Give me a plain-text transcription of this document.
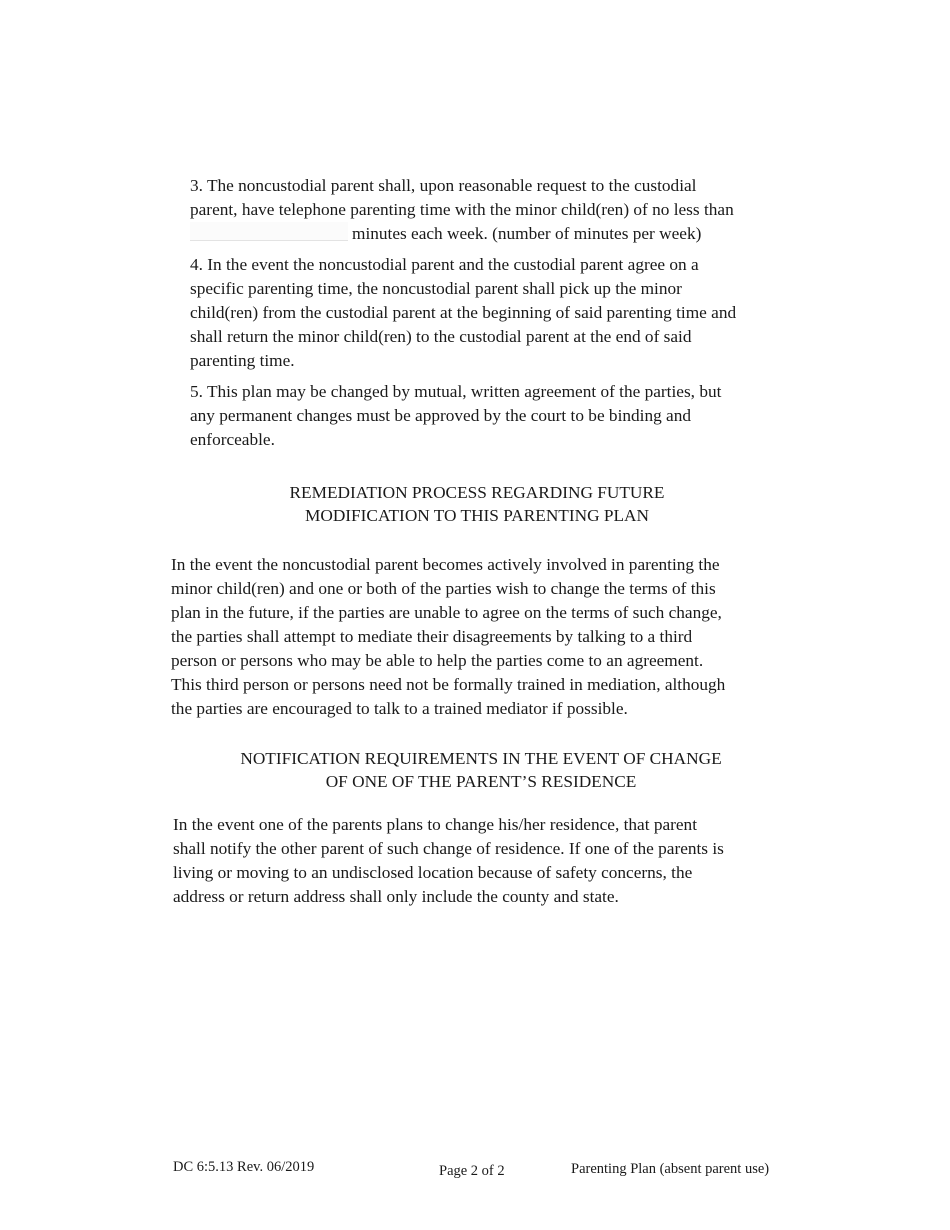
3. The noncustodial parent shall, upon reasonable request to the custodial

parent, have telephone parenting time with the minor child(ren) of no less than

minutes each week. (number of minutes per week)

4. In the event the noncustodial parent and the custodial parent agree on a

specific parenting time, the noncustodial parent shall pick up the minor

child(ren) from the custodial parent at the beginning of said parenting time and

shall return the minor child(ren) to the custodial parent at the end of said

parenting time.

5. This plan may be changed by mutual, written agreement of the parties, but

any permanent changes must be approved by the court to be binding and

enforceable.

REMEDIATION PROCESS REGARDING FUTURE

MODIFICATION TO THIS PARENTING PLAN

In the event the noncustodial parent becomes actively involved in parenting the

minor child(ren) and one or both of the parties wish to change the terms of this

plan in the future, if the parties are unable to agree on the terms of such change,

the parties shall attempt to mediate their disagreements by talking to a third

person or persons who may be able to help the parties come to an agreement.

This third person or persons need not be formally trained in mediation, although

the parties are encouraged to talk to a trained mediator if possible.

NOTIFICATION REQUIREMENTS IN THE EVENT OF CHANGE

OF ONE OF THE PARENT’S RESIDENCE

In the event one of the parents plans to change his/her residence, that parent

shall notify the other parent of such change of residence. If one of the parents is

living or moving to an undisclosed location because of safety concerns, the

address or return address shall only include the county and state.

DC 6:5.13 Rev. 06/2019	Page 2 of 2	Parenting Plan (absent parent use)
